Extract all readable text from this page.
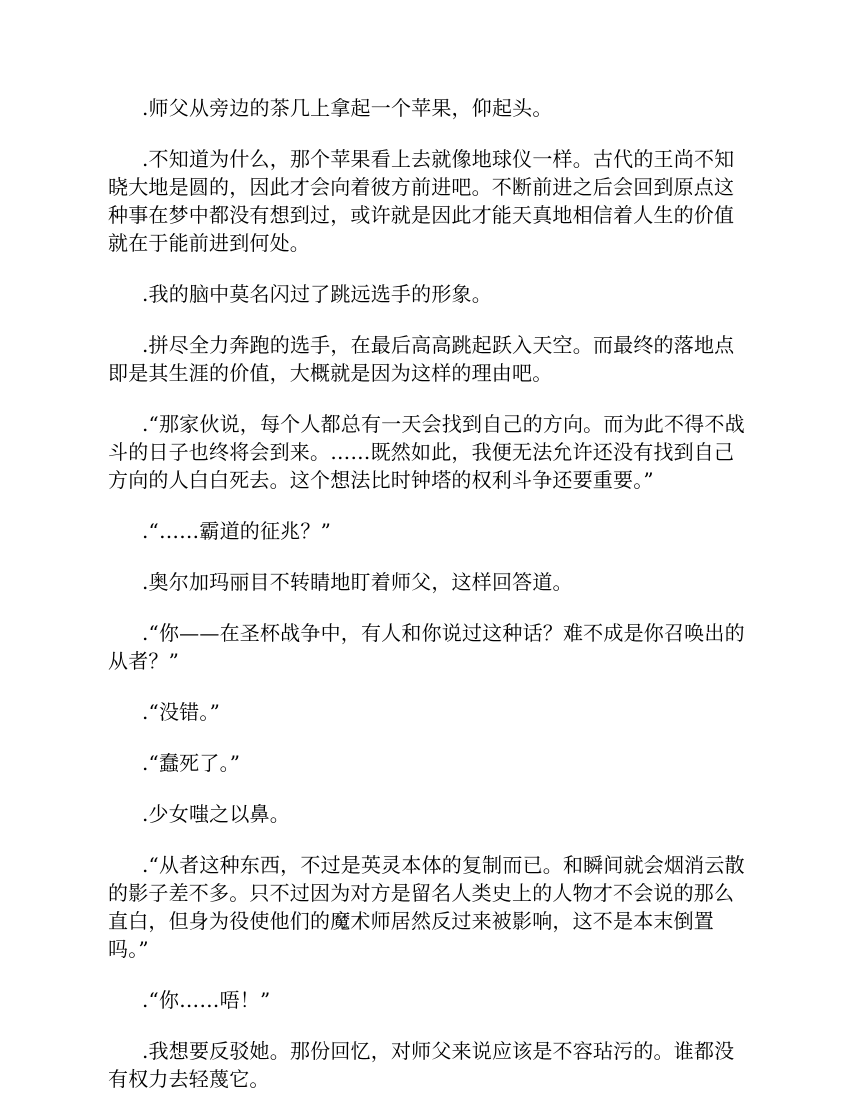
.师父从旁边的茶几上拿起一个苹果，仰起头。

.不知道为什么，那个苹果看上去就像地球仪一样。古代的王尚不知晓大地是圆的，因此才会向着彼方前进吧。不断前进之后会回到原点这种事在梦中都没有想到过，或许就是因此才能天真地相信着人生的价值就在于能前进到何处。

.我的脑中莫名闪过了跳远选手的形象。

.拼尽全力奔跑的选手，在最后高高跳起跃入天空。而最终的落地点即是其生涯的价值，大概就是因为这样的理由吧。

.“那家伙说，每个人都总有一天会找到自己的方向。而为此不得不战斗的日子也终将会到来。……既然如此，我便无法允许还没有找到自己方向的人白白死去。这个想法比时钟塔的权利斗争还要重要。”

.“……霸道的征兆？”

.奥尔加玛丽目不转睛地盯着师父，这样回答道。

.“你——在圣杯战争中，有人和你说过这种话？难不成是你召唤出的从者？”

.“没错。”

.“蠢死了。”

.少女嗤之以鼻。

.“从者这种东西，不过是英灵本体的复制而已。和瞬间就会烟消云散的影子差不多。只不过因为对方是留名人类史上的人物才不会说的那么直白，但身为役使他们的魔术师居然反过来被影响，这不是本末倒置吗。”

.“你……唔！”

.我想要反驳她。那份回忆，对师父来说应该是不容玷污的。谁都没有权力去轻蔑它。
